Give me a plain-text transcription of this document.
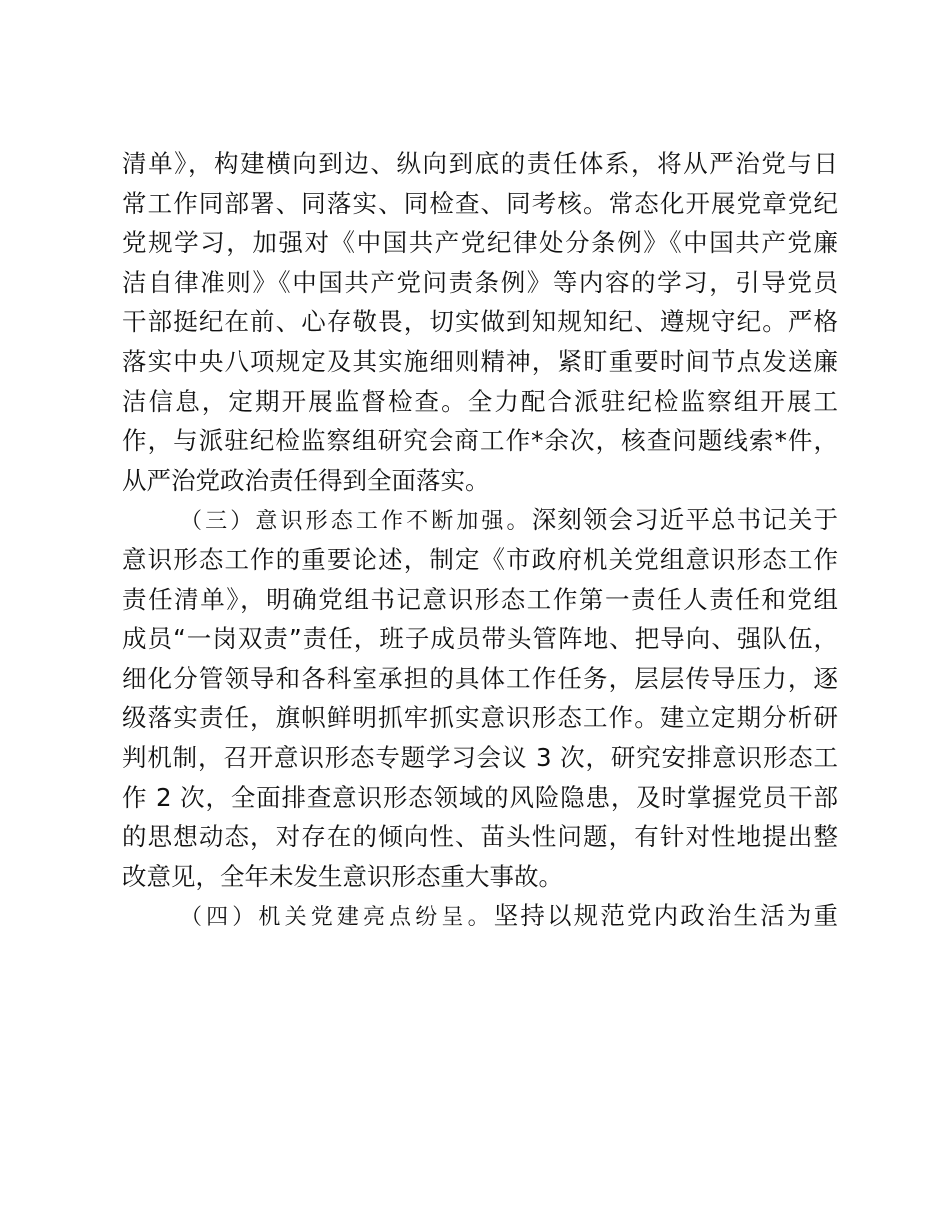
清单》，构建横向到边、纵向到底的责任体系，将从严治党与日
常工作同部署、同落实、同检查、同考核。常态化开展党章党纪
党规学习，加强对《中国共产党纪律处分条例》《中国共产党廉
洁自律准则》《中国共产党问责条例》等内容的学习，引导党员
干部挺纪在前、心存敬畏，切实做到知规知纪、遵规守纪。严格
落实中央八项规定及其实施细则精神，紧盯重要时间节点发送廉
洁信息，定期开展监督检查。全力配合派驻纪检监察组开展工
作，与派驻纪检监察组研究会商工作*余次，核查问题线索*件，
从严治党政治责任得到全面落实。
（三）意识形态工作不断加强。深刻领会习近平总书记关于
意识形态工作的重要论述，制定《市政府机关党组意识形态工作
责任清单》，明确党组书记意识形态工作第一责任人责任和党组
成员“一岗双责”责任，班子成员带头管阵地、把导向、强队伍，
细化分管领导和各科室承担的具体工作任务，层层传导压力，逐
级落实责任，旗帜鲜明抓牢抓实意识形态工作。建立定期分析研
判机制，召开意识形态专题学习会议 3 次，研究安排意识形态工
作 2 次，全面排查意识形态领域的风险隐患，及时掌握党员干部
的思想动态，对存在的倾向性、苗头性问题，有针对性地提出整
改意见，全年未发生意识形态重大事故。
（四）机关党建亮点纷呈。坚持以规范党内政治生活为重
